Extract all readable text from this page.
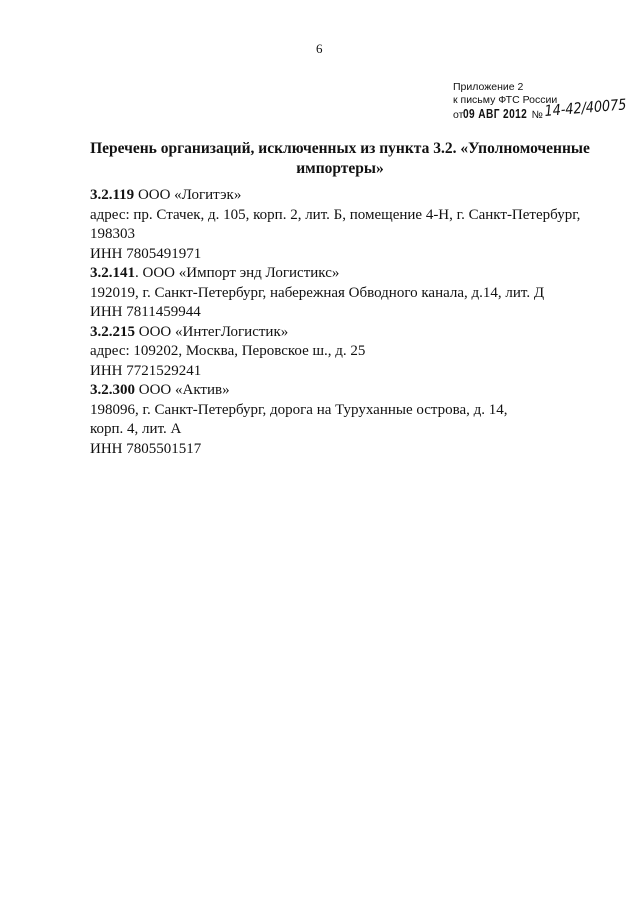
6
Приложение 2
к письму ФТС России
от09 АВГ 2012 №14-42/40075
Перечень организаций, исключенных из пункта 3.2. «Уполномоченные импортеры»
3.2.119 ООО «Логитэк»
адрес: пр. Стачек, д. 105, корп. 2, лит. Б, помещение 4-Н, г. Санкт-Петербург,
198303
ИНН 7805491971
3.2.141. ООО «Импорт энд Логистикс»
192019, г. Санкт-Петербург, набережная Обводного канала, д.14, лит. Д
ИНН 7811459944
3.2.215 ООО «ИнтегЛогистик»
адрес: 109202, Москва, Перовское ш., д. 25
ИНН 7721529241
3.2.300 ООО «Актив»
198096, г. Санкт-Петербург, дорога на Туруханные острова, д. 14,
корп. 4, лит. А
ИНН 7805501517
